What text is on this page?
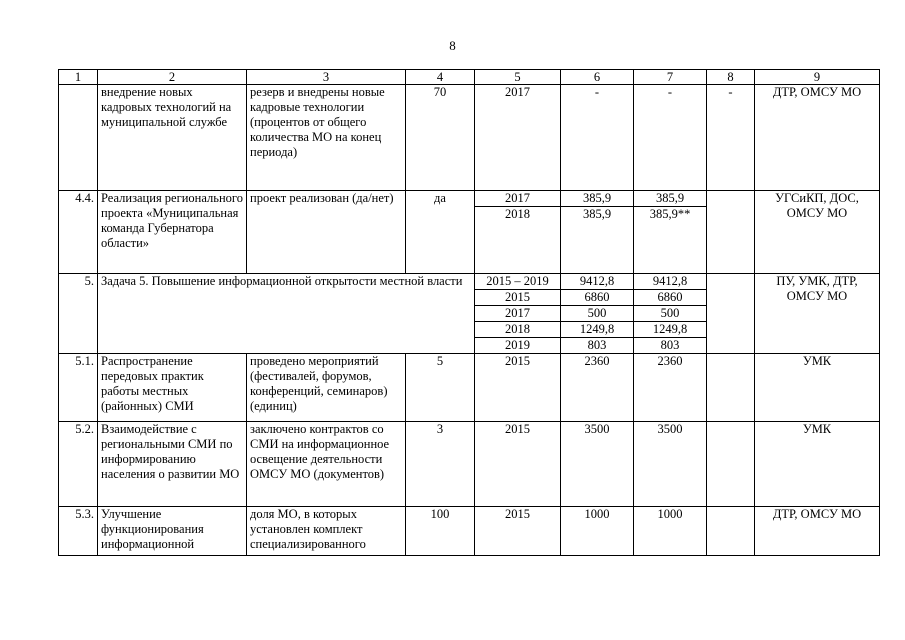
8
1	2	3	4	5	6	7	8	9
	внедрение новых кадровых технологий на муниципальной службе	резерв и внедрены новые кадровые технологии (процентов от общего количества МО на конец периода)	70	2017	-	-	-	ДТР, ОМСУ МО
4.4.	Реализация регионального проекта «Муниципальная команда Губернатора области»	проект реализован (да/нет)	да	2017	385,9	385,9		УГСиКП, ДОС, ОМСУ МО
				2018	385,9	385,9**		
5.	Задача 5. Повышение информационной открытости местной власти			2015 – 2019	9412,8	9412,8		ПУ, УМК, ДТР, ОМСУ МО
				2015	6860	6860		
				2017	500	500		
				2018	1249,8	1249,8		
				2019	803	803		
5.1.	Распространение передовых практик работы местных (районных) СМИ	проведено мероприятий (фестивалей, форумов, конференций, семинаров) (единиц)	5	2015	2360	2360		УМК
5.2.	Взаимодействие с региональными СМИ по информированию населения о развитии МО	заключено контрактов со СМИ на информационное освещение деятельности ОМСУ МО (документов)	3	2015	3500	3500		УМК
5.3.	Улучшение функционирования информационной	доля МО, в которых установлен комплект специализированного	100	2015	1000	1000		ДТР, ОМСУ МО
